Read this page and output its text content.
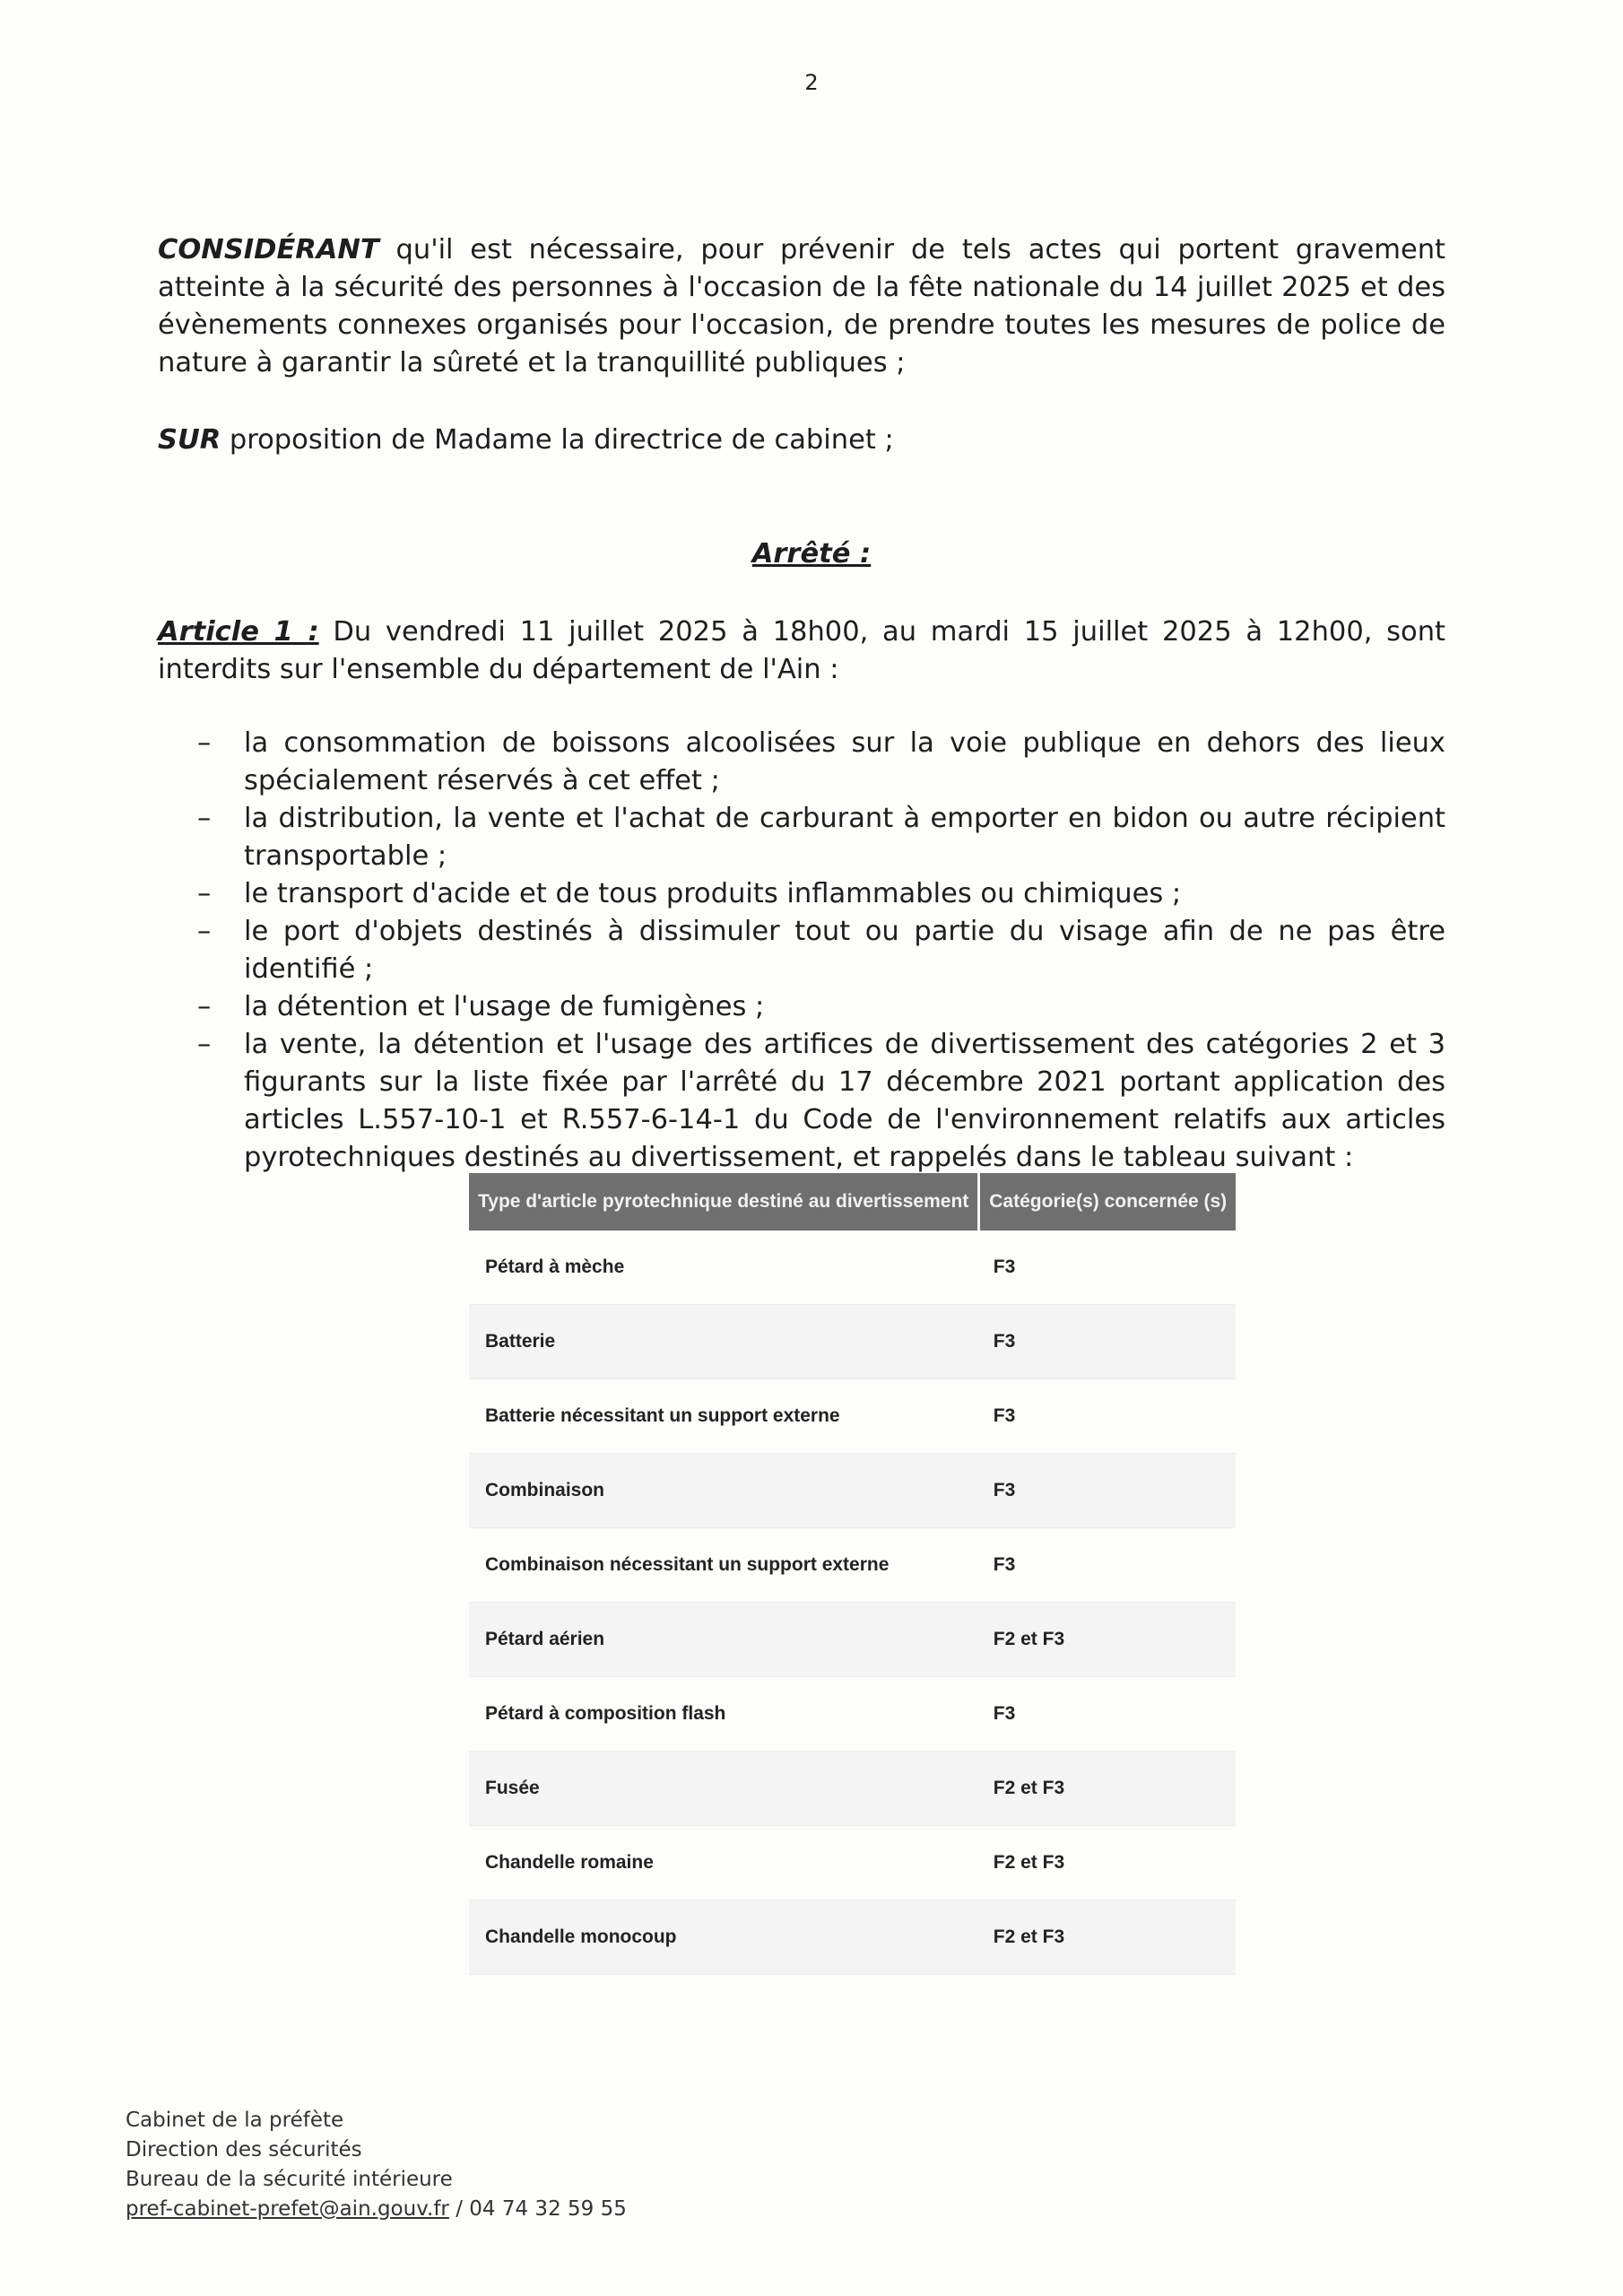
2

CONSIDÉRANT qu'il est nécessaire, pour prévenir de tels actes qui portent gravement atteinte à la sécurité des personnes à l'occasion de la fête nationale du 14 juillet 2025 et des évènements connexes organisés pour l'occasion, de prendre toutes les mesures de police de nature à garantir la sûreté et la tranquillité publiques ;

SUR proposition de Madame la directrice de cabinet ;

Arrêté :

Article 1 : Du vendredi 11 juillet 2025 à 18h00, au mardi 15 juillet 2025 à 12h00, sont interdits sur l'ensemble du département de l'Ain :

– la consommation de boissons alcoolisées sur la voie publique en dehors des lieux spécialement réservés à cet effet ;
– la distribution, la vente et l'achat de carburant à emporter en bidon ou autre récipient transportable ;
– le transport d'acide et de tous produits inflammables ou chimiques ;
– le port d'objets destinés à dissimuler tout ou partie du visage afin de ne pas être identifié ;
– la détention et l'usage de fumigènes ;
– la vente, la détention et l'usage des artifices de divertissement des catégories 2 et 3 figurants sur la liste fixée par l'arrêté du 17 décembre 2021 portant application des articles L.557-10-1 et R.557-6-14-1 du Code de l'environnement relatifs aux articles pyrotechniques destinés au divertissement, et rappelés dans le tableau suivant :
Type d'article pyrotechnique destiné au divertissement	Catégorie(s) concernée (s)
Pétard à mèche	F3
Batterie	F3
Batterie nécessitant un support externe	F3
Combinaison	F3
Combinaison nécessitant un support externe	F3
Pétard aérien	F2 et F3
Pétard à composition flash	F3
Fusée	F2 et F3
Chandelle romaine	F2 et F3
Chandelle monocoup	F2 et F3
Cabinet de la préfète
Direction des sécurités
Bureau de la sécurité intérieure
pref-cabinet-prefet@ain.gouv.fr / 04 74 32 59 55
